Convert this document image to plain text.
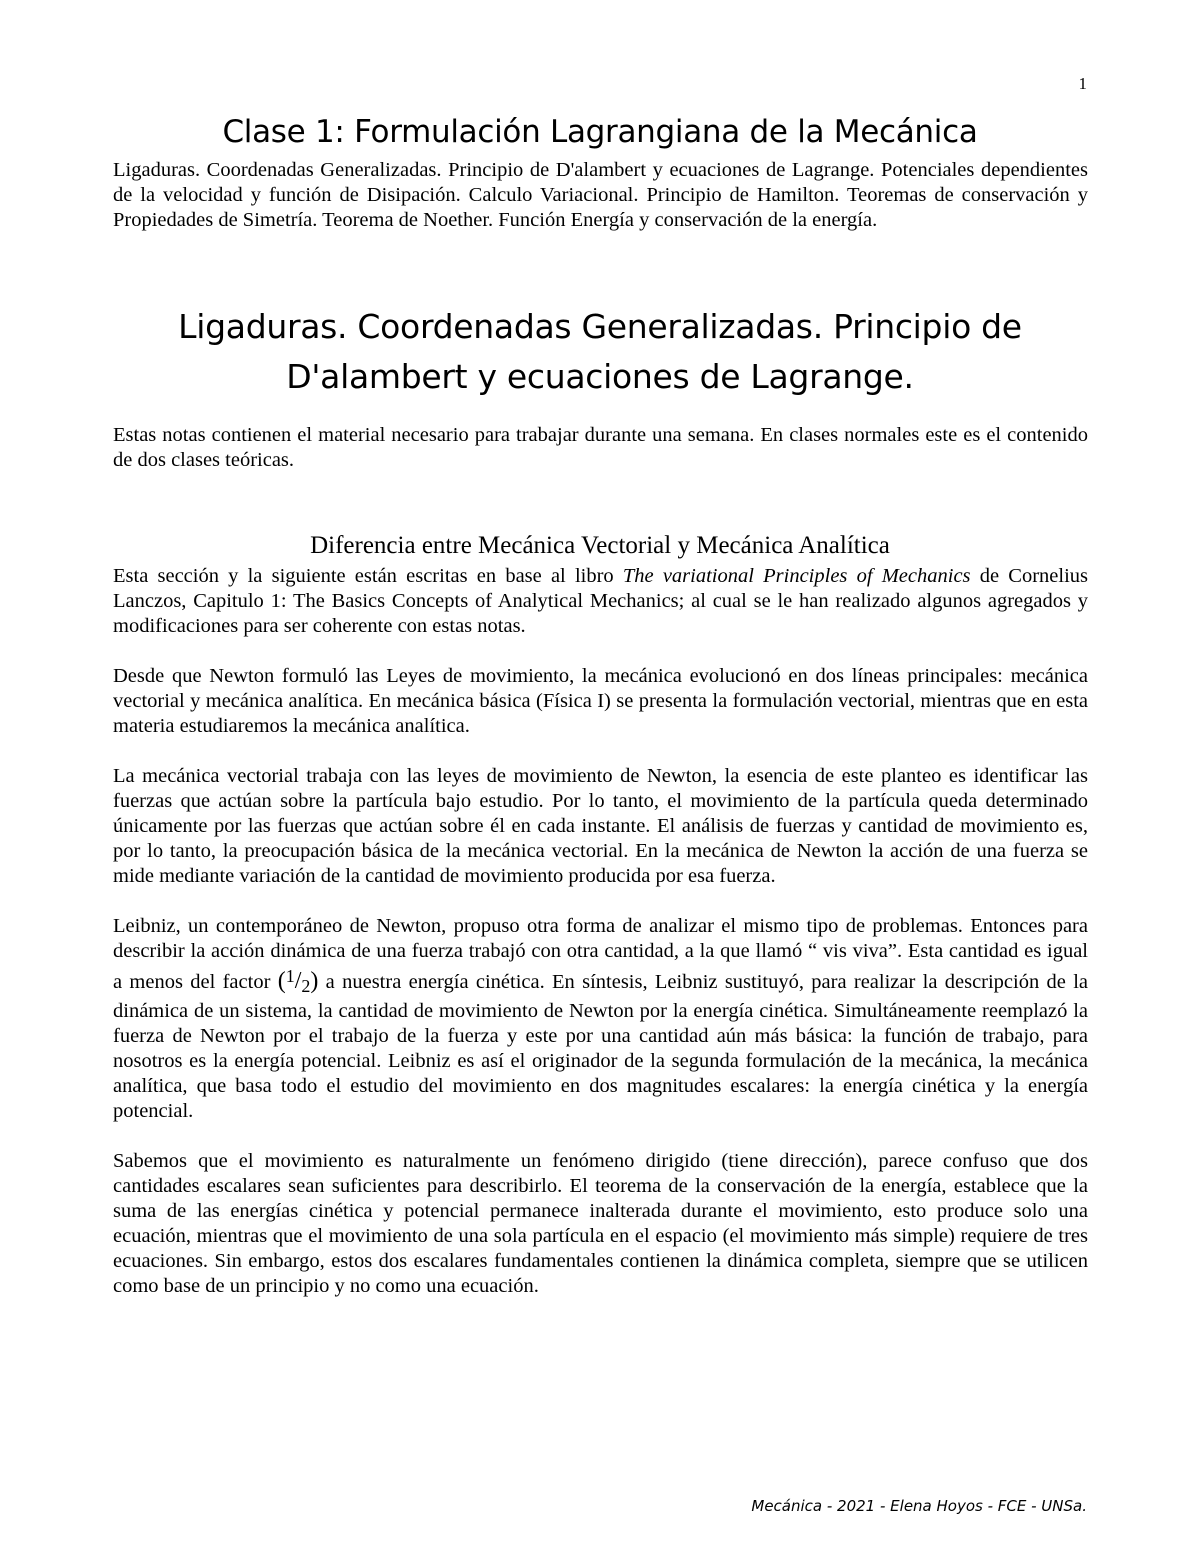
1
Clase 1: Formulación Lagrangiana de la Mecánica

Ligaduras. Coordenadas Generalizadas. Principio de D'alambert y ecuaciones de Lagrange. Potenciales dependientes de la velocidad y función de Disipación. Calculo Variacional. Principio de Hamilton. Teoremas de conservación y Propiedades de Simetría. Teorema de Noether. Función Energía y conservación de la energía.

Ligaduras. Coordenadas Generalizadas. Principio de
D'alambert y ecuaciones de Lagrange.

Estas notas contienen el material necesario para trabajar durante una semana. En clases normales este es el contenido de dos clases teóricas.

Diferencia entre Mecánica Vectorial y Mecánica Analítica

Esta sección y la siguiente están escritas en base al libro The variational Principles of Mechanics de Cornelius Lanczos, Capitulo 1: The Basics Concepts of Analytical Mechanics; al cual se le han realizado algunos agregados y modificaciones para ser coherente con estas notas.

Desde que Newton formuló las Leyes de movimiento, la mecánica evolucionó en dos líneas principales: mecánica vectorial y mecánica analítica. En mecánica básica (Física I) se presenta la formulación vectorial, mientras que en esta materia estudiaremos la mecánica analítica.

La mecánica vectorial trabaja con las leyes de movimiento de Newton, la esencia de este planteo es identificar las fuerzas que actúan sobre la partícula bajo estudio. Por lo tanto, el movimiento de la partícula queda determinado únicamente por las fuerzas que actúan sobre él en cada instante. El análisis de fuerzas y cantidad de movimiento es, por lo tanto, la preocupación básica de la mecánica vectorial. En la mecánica de Newton la acción de una fuerza se mide mediante variación de la cantidad de movimiento producida por esa fuerza.

Leibniz, un contemporáneo de Newton, propuso otra forma de analizar el mismo tipo de problemas. Entonces para describir la acción dinámica de una fuerza trabajó con otra cantidad, a la que llamó “ vis viva”. Esta cantidad es igual a menos del factor $(^1/_2)$ a nuestra energía cinética. En síntesis, Leibniz sustituyó, para realizar la descripción de la dinámica de un sistema, la cantidad de movimiento de Newton por la energía cinética. Simultáneamente reemplazó la fuerza de Newton por el trabajo de la fuerza y este por una cantidad aún más básica: la función de trabajo, para nosotros es la energía potencial. Leibniz es así el originador de la segunda formulación de la mecánica, la mecánica analítica, que basa todo el estudio del movimiento en dos magnitudes escalares: la energía cinética y la energía potencial.

Sabemos que el movimiento es naturalmente un fenómeno dirigido (tiene dirección), parece confuso que dos cantidades escalares sean suficientes para describirlo. El teorema de la conservación de la energía, establece que la suma de las energías cinética y potencial permanece inalterada durante el movimiento, esto produce solo una ecuación, mientras que el movimiento de una sola partícula en el espacio (el movimiento más simple) requiere de tres ecuaciones. Sin embargo, estos dos escalares fundamentales contienen la dinámica completa, siempre que se utilicen como base de un principio y no como una ecuación.

Mecánica - 2021 - Elena Hoyos - FCE - UNSa.
